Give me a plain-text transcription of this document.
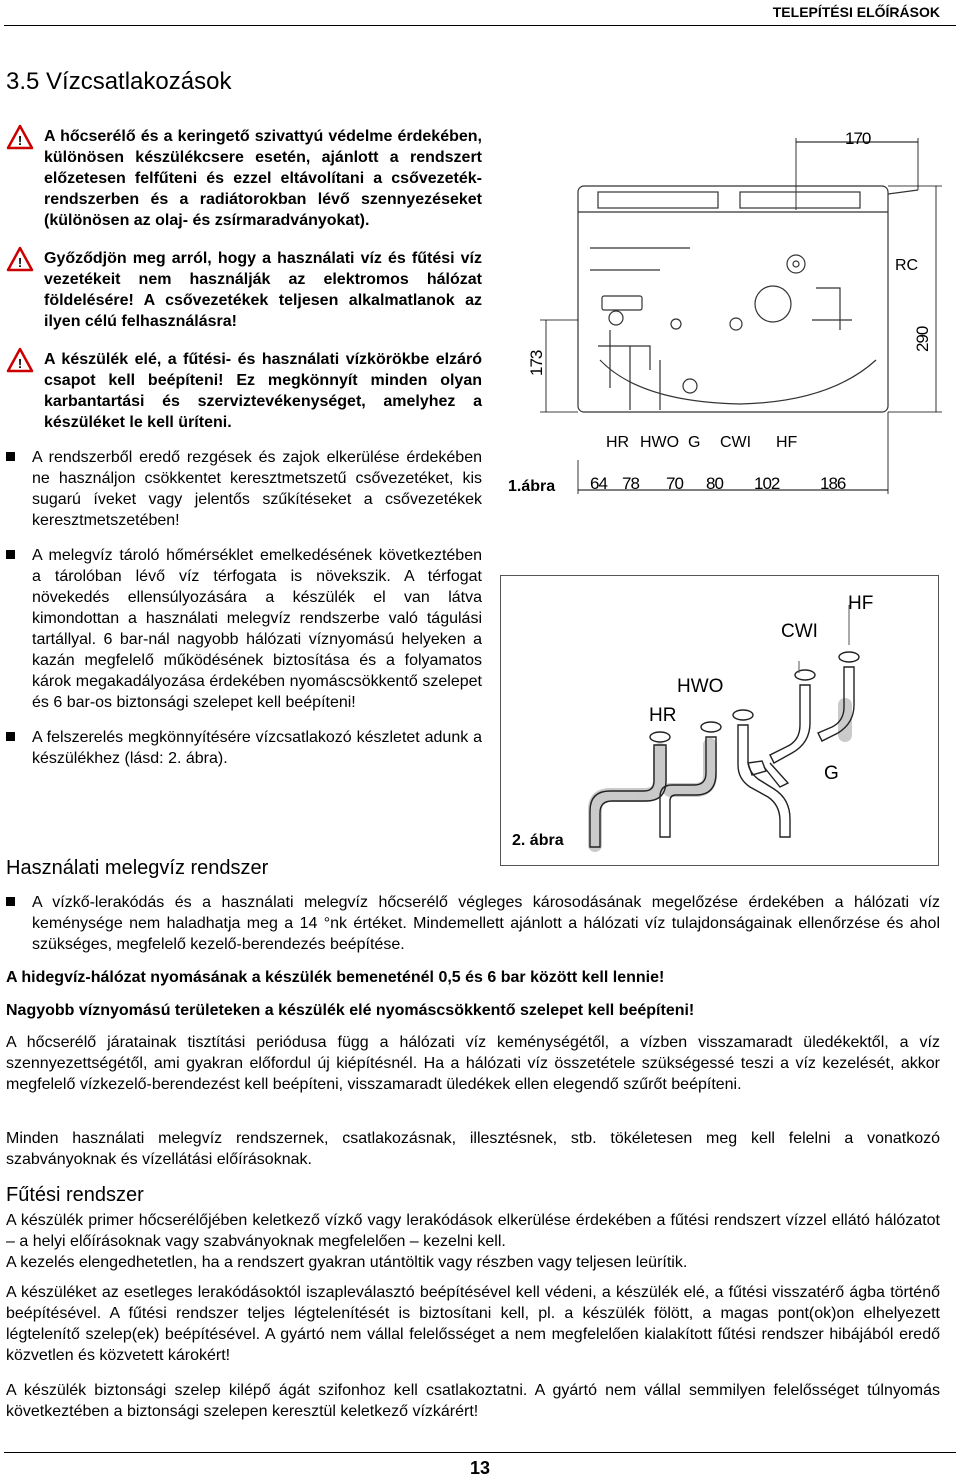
TELEPÍTÉSI ELŐÍRÁSOK
3.5 Vízcsatlakozások
! A hőcserélő és a keringető szivattyú védelme érdekében, különösen készülékcsere esetén, ajánlott a rendszert előzetesen felfűteni és ezzel eltávolítani a csővezeték-rendszerben és a radiátorokban lévő szennyezéseket (különösen az olaj- és zsírmaradványokat).
! Győződjön meg arról, hogy a használati víz és fűtési víz vezetékeit nem használják az elektromos hálózat földelésére! A csővezetékek teljesen alkalmatlanok az ilyen célú felhasználásra!
! A készülék elé, a fűtési- és használati vízkörökbe elzáró csapot kell beépíteni! Ez megkönnyít minden olyan karbantartási és szerviztevékenységet, amelyhez a készüléket le kell üríteni.
A rendszerből eredő rezgések és zajok elkerülése érdekében ne használjon csökkentet keresztmetszetű csővezetéket, kis sugarú íveket vagy jelentős szűkítéseket a csővezetékek keresztmetszetében!
A melegvíz tároló hőmérséklet emelkedésének következtében a tárolóban lévő víz térfogata is növekszik. A térfogat növekedés ellensúlyozására a készülék el van látva kimondottan a használati melegvíz rendszerbe való tágulási tartállyal. 6 bar-nál nagyobb hálózati víznyomású helyeken a kazán megfelelő működésének biztosítása és a folyamatos károk megakadályozása érdekében nyomáscsökkentő szelepet és 6 bar-os biztonsági szelepet kell beépíteni!
A felszerelés megkönnyítésére vízcsatlakozó készletet adunk a készülékhez (lásd: 2. ábra).
170
RC
290
173
HR HWO G CWI HF
64 78 70 80 102 186
1.ábra
HF
CWI
HWO
HR
G
2. ábra
Használati melegvíz rendszer
A vízkő-lerakódás és a használati melegvíz hőcserélő végleges károsodásának megelőzése érdekében a hálózati víz keménysége nem haladhatja meg a 14 °nk értéket. Mindemellett ajánlott a hálózati víz tulajdonságainak ellenőrzése és ahol szükséges, megfelelő kezelő-berendezés beépítése.
A hidegvíz-hálózat nyomásának a készülék bemeneténél 0,5 és 6 bar között kell lennie!
Nagyobb víznyomású területeken a készülék elé nyomáscsökkentő szelepet kell beépíteni!
A hőcserélő járatainak tisztítási periódusa függ a hálózati víz keménységétől, a vízben visszamaradt üledékektől, a víz szennyezettségétől, ami gyakran előfordul új kiépítésnél. Ha a hálózati víz összetétele szükségessé teszi a víz kezelését, akkor megfelelő vízkezelő-berendezést kell beépíteni, visszamaradt üledékek ellen elegendő szűrőt beépíteni.
Minden használati melegvíz rendszernek, csatlakozásnak, illesztésnek, stb. tökéletesen meg kell felelni a vonatkozó szabványoknak és vízellátási előírásoknak.
Fűtési rendszer
A készülék primer hőcserélőjében keletkező vízkő vagy lerakódások elkerülése érdekében a fűtési rendszert vízzel ellátó hálózatot – a helyi előírásoknak vagy szabványoknak megfelelően – kezelni kell.
A kezelés elengedhetetlen, ha a rendszert gyakran utántöltik vagy részben vagy teljesen leürítik.
A készüléket az esetleges lerakódásoktól iszapleválasztó beépítésével kell védeni, a készülék elé, a fűtési visszatérő ágba történő beépítésével. A fűtési rendszer teljes légtelenítését is biztosítani kell, pl. a készülék fölött, a magas pont(ok)on elhelyezett légtelenítő szelep(ek) beépítésével. A gyártó nem vállal felelősséget a nem megfelelően kialakított fűtési rendszer hibájából eredő közvetlen és közvetett károkért!
A készülék biztonsági szelep kilépő ágát szifonhoz kell csatlakoztatni. A gyártó nem vállal semmilyen felelősséget túlnyomás következtében a biztonsági szelepen keresztül keletkező vízkárért!
13
